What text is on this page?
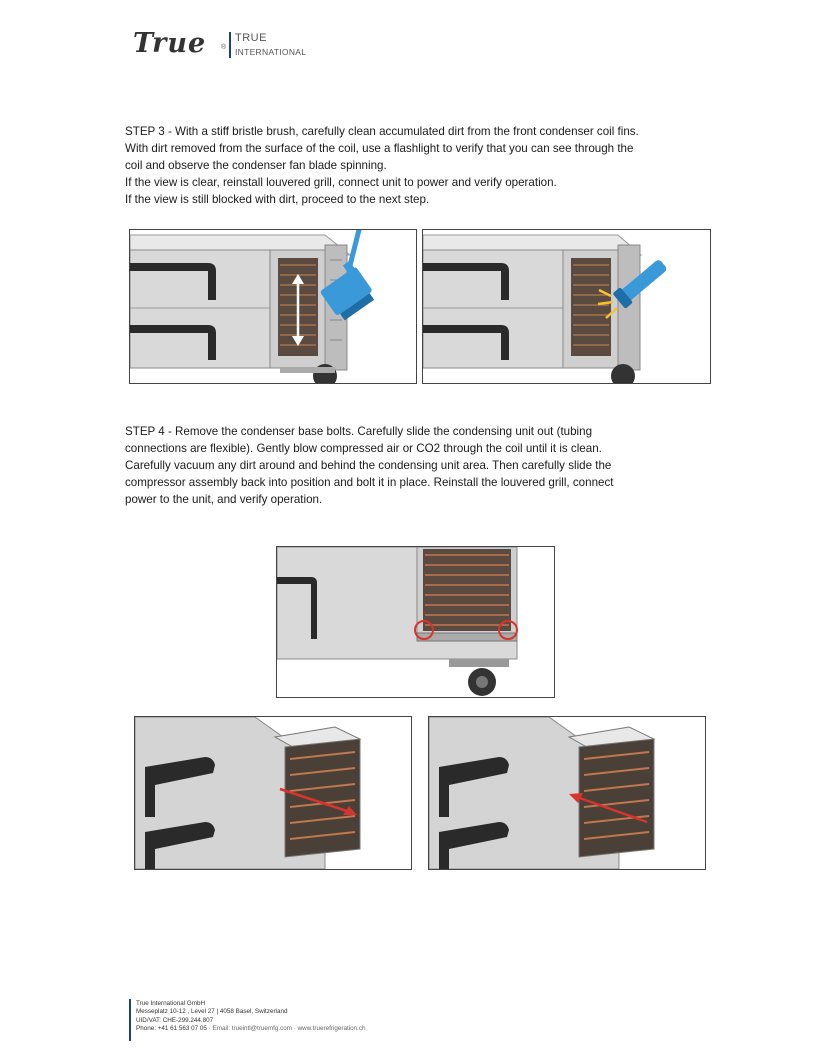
True ®
TRUE
INTERNATIONAL

STEP 3 - With a stiff bristle brush, carefully clean accumulated dirt from the front condenser coil fins.

With dirt removed from the surface of the coil, use a flashlight to verify that you can see through the

coil and observe the condenser fan blade spinning.

If the view is clear, reinstall louvered grill, connect unit to power and verify operation.

If the view is still blocked with dirt, proceed to the next step.

STEP 4 - Remove the condenser base bolts. Carefully slide the condensing unit out (tubing

connections are flexible). Gently blow compressed air or CO2 through the coil until it is clean.

Carefully vacuum any dirt around and behind the condensing unit area. Then carefully slide the

compressor assembly back into position and bolt it in place. Reinstall the louvered grill, connect

power to the unit, and verify operation.

True International GmbH
Messeplatz 10-12 , Level 27 | 4058 Basel, Switzerland
UID/VAT: CHE-299.244.807
Phone: +41 61 563 07 05 · Email: trueintl@truemfg.com · www.truerefrigeration.ch
